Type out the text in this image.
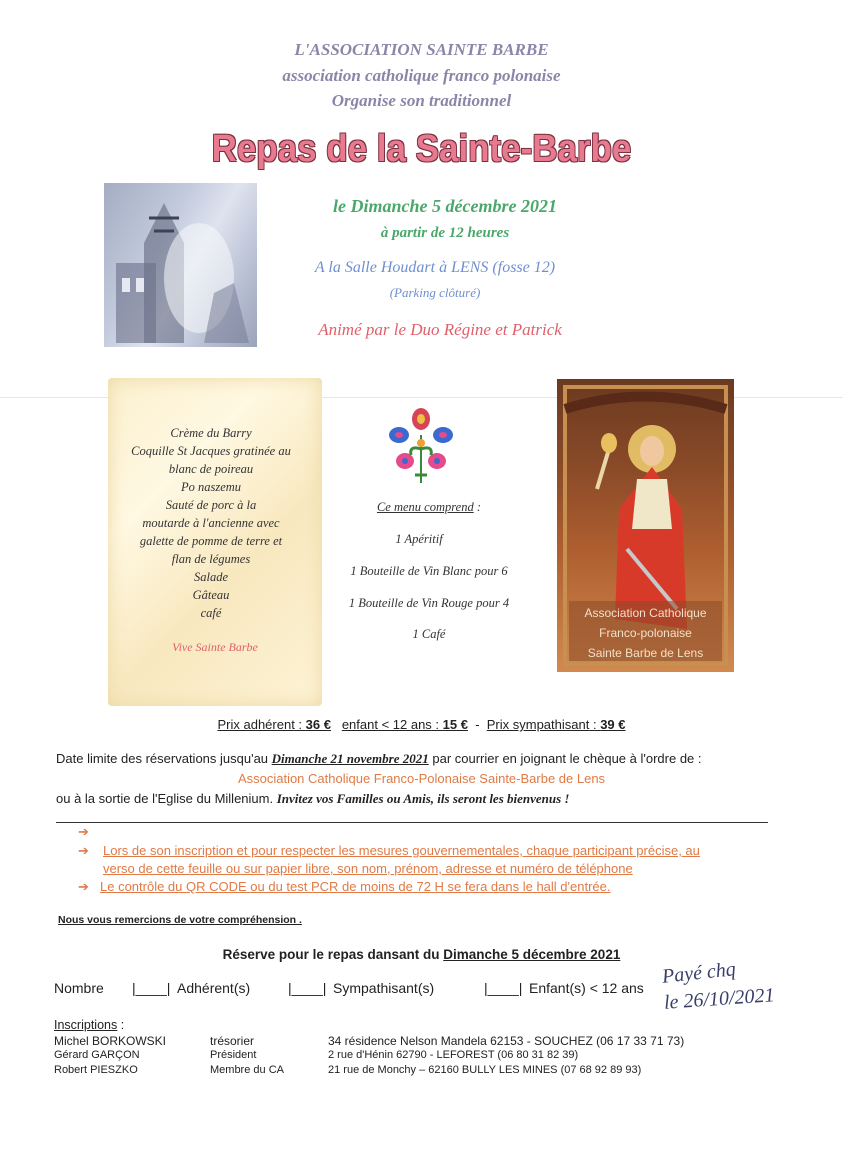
L'ASSOCIATION SAINTE BARBE
association catholique franco polonaise
Organise son traditionnel
Repas de la Sainte-Barbe
le Dimanche 5 décembre 2021
à partir de 12 heures
A la Salle Houdart à LENS (fosse 12)
(Parking clôturé)
Animé par le Duo Régine et Patrick
Crème du Barry
Coquille St Jacques gratinée au
blanc de poireau
Po naszemu
Sauté de porc à la
moutarde à l'ancienne avec
galette de pomme de terre et
flan de légumes
Salade
Gâteau
café
Vive Sainte Barbe
Ce menu comprend :
1 Apéritif
1 Bouteille de Vin Blanc pour 6
1 Bouteille de Vin Rouge pour 4
1 Café
Association Catholique
Franco-polonaise
Sainte Barbe de Lens
Prix adhérent : 36 € enfant < 12 ans : 15 €  -  Prix sympathisant : 39 €
Date limite des réservations jusqu'au Dimanche 21 novembre 2021 par courrier en joignant le chèque à l'ordre de :
Association Catholique Franco-Polonaise Sainte-Barbe de Lens
ou à la sortie de l'Eglise du Millenium. Invitez vos Familles ou Amis, ils seront les bienvenus !
➔
➔ Lors de son inscription et pour respecter les mesures gouvernementales, chaque participant précise, au
verso de cette feuille ou sur papier libre, son nom, prénom, adresse et numéro de téléphone
➔ Le contrôle du QR CODE ou du test PCR de moins de 72 H se fera dans le hall d'entrée.
Nous vous remercions de votre compréhension .
Réserve pour le repas dansant du Dimanche 5 décembre 2021
Nombre |____| Adhérent(s)	|____| Sympathisant(s)	|____| Enfant(s) < 12 ans
Payé chq
le 26/10/2021
Inscriptions :
Michel BORKOWSKI	trésorier	34 résidence Nelson Mandela 62153 - SOUCHEZ (06 17 33 71 73)
Gérard GARÇON	Président	2 rue d'Hénin 62790 - LEFOREST (06 80 31 82 39)
Robert PIESZKO	Membre du CA	21 rue de Monchy – 62160 BULLY LES MINES (07 68 92 89 93)
